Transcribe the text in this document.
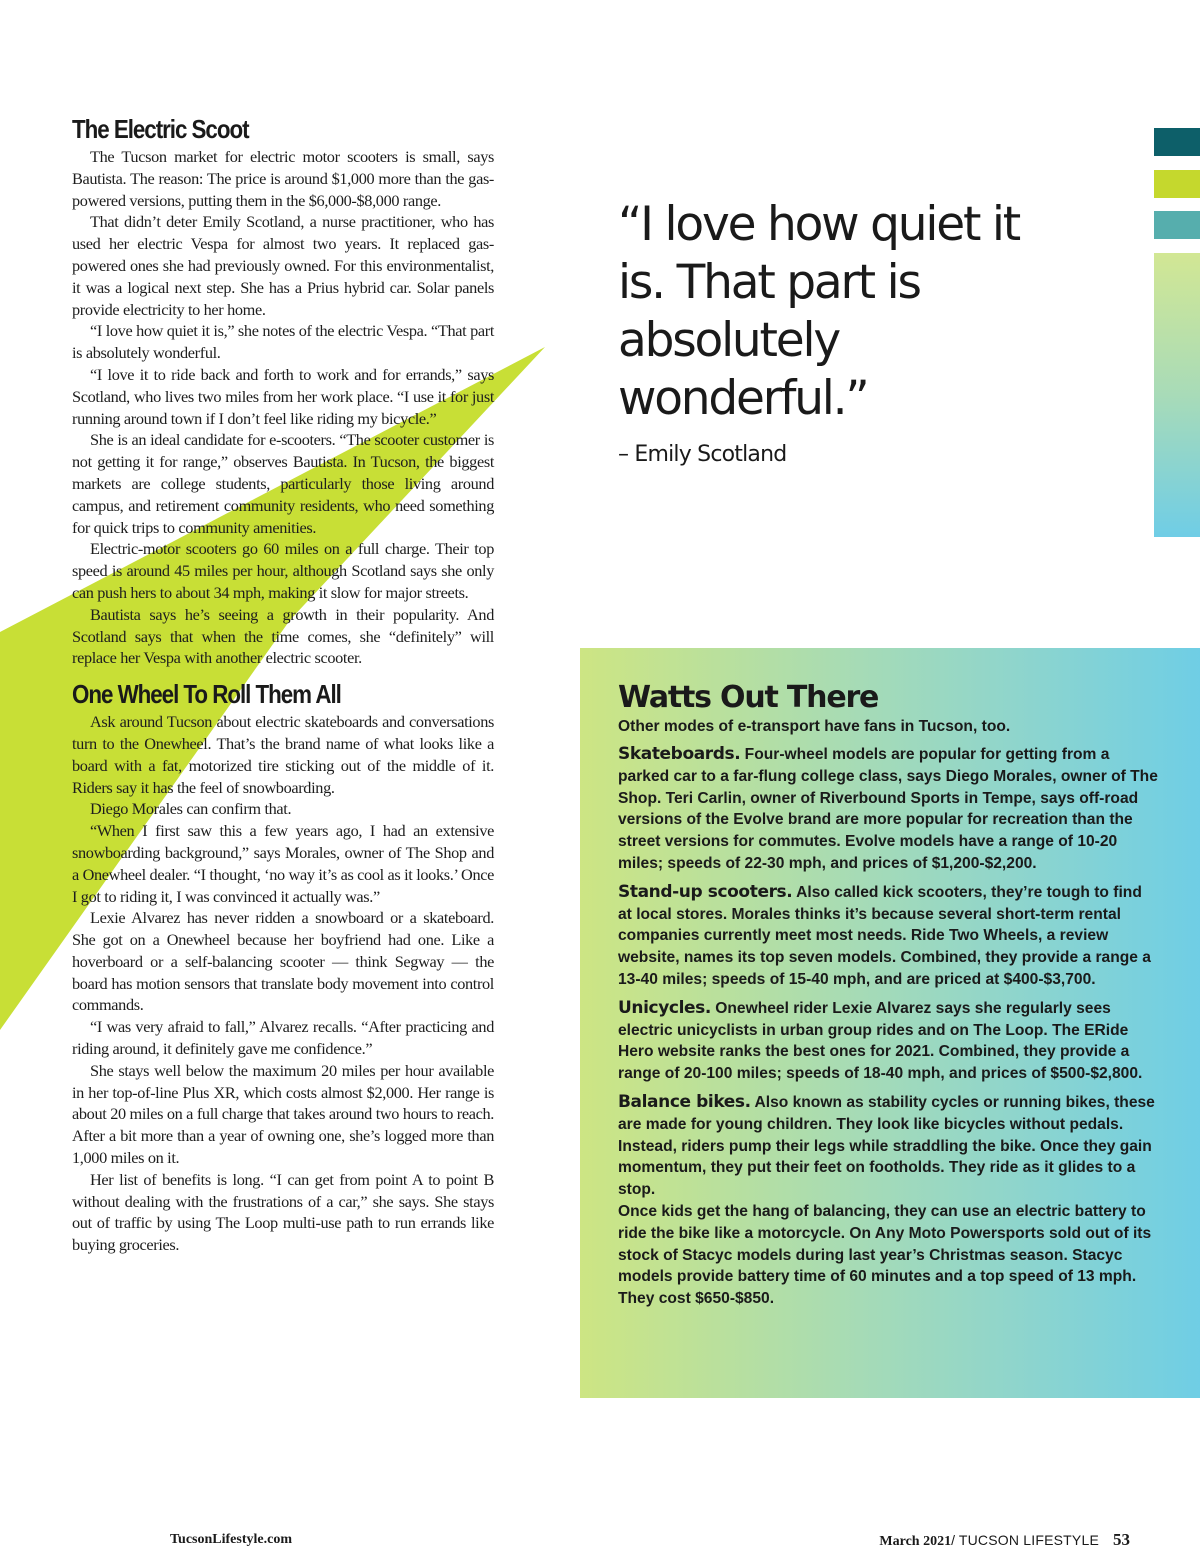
The Electric Scoot

The Tucson market for electric motor scooters is small, says Bautista. The reason: The price is around $1,000 more than the gas-powered versions, putting them in the $6,000-$8,000 range.

That didn’t deter Emily Scotland, a nurse practitioner, who has used her electric Vespa for almost two years. It replaced gas-powered ones she had previously owned. For this environmentalist, it was a logical next step. She has a Prius hybrid car. Solar panels provide electricity to her home.

“I love how quiet it is,” she notes of the electric Vespa. “That part is absolutely wonderful.

“I love it to ride back and forth to work and for errands,” says Scotland, who lives two miles from her work place. “I use it for just running around town if I don’t feel like riding my bicycle.”

She is an ideal candidate for e-scooters. “The scooter customer is not getting it for range,” observes Bautista. In Tucson, the biggest markets are college students, particularly those living around campus, and retirement community residents, who need something for quick trips to community amenities.

Electric-motor scooters go 60 miles on a full charge. Their top speed is around 45 miles per hour, although Scotland says she only can push hers to about 34 mph, making it slow for major streets.

Bautista says he’s seeing a growth in their popularity. And Scotland says that when the time comes, she “definitely” will replace her Vespa with another electric scooter.

One Wheel To Roll Them All

Ask around Tucson about electric skateboards and conversations turn to the Onewheel. That’s the brand name of what looks like a board with a fat, motorized tire sticking out of the middle of it. Riders say it has the feel of snowboarding.

Diego Morales can confirm that.

“When I first saw this a few years ago, I had an extensive snowboarding background,” says Morales, owner of The Shop and a Onewheel dealer. “I thought, ‘no way it’s as cool as it looks.’ Once I got to riding it, I was convinced it actually was.”

Lexie Alvarez has never ridden a snowboard or a skateboard. She got on a Onewheel because her boyfriend had one. Like a hoverboard or a self-balancing scooter — think Segway — the board has motion sensors that translate body movement into control commands.

“I was very afraid to fall,” Alvarez recalls. “After practicing and riding around, it definitely gave me confidence.”

She stays well below the maximum 20 miles per hour available in her top-of-line Plus XR, which costs almost $2,000. Her range is about 20 miles on a full charge that takes around two hours to reach. After a bit more than a year of owning one, she’s logged more than 1,000 miles on it.

Her list of benefits is long. “I can get from point A to point B without dealing with the frustrations of a car,” she says. She stays out of traffic by using The Loop multi-use path to run errands like buying groceries.

“I love how quiet it is. That part is absolutely wonderful.”
– Emily Scotland
Watts Out There
Other modes of e-transport have fans in Tucson, too.
Skateboards. Four-wheel models are popular for getting from a parked car to a far-flung college class, says Diego Morales, owner of The Shop. Teri Carlin, owner of Riverbound Sports in Tempe, says off-road versions of the Evolve brand are more popular for recreation than the street versions for commutes. Evolve models have a range of 10-20 miles; speeds of 22-30 mph, and prices of $1,200-$2,200.
Stand-up scooters. Also called kick scooters, they’re tough to find at local stores. Morales thinks it’s because several short-term rental companies currently meet most needs. Ride Two Wheels, a review website, names its top seven models. Combined, they provide a range a 13-40 miles; speeds of 15-40 mph, and are priced at $400-$3,700.
Unicycles. Onewheel rider Lexie Alvarez says she regularly sees electric unicyclists in urban group rides and on The Loop. The ERide Hero website ranks the best ones for 2021. Combined, they provide a range of 20-100 miles; speeds of 18-40 mph, and prices of $500-$2,800.
Balance bikes. Also known as stability cycles or running bikes, these are made for young children. They look like bicycles without pedals. Instead, riders pump their legs while straddling the bike. Once they gain momentum, they put their feet on footholds. They ride as it glides to a stop.
Once kids get the hang of balancing, they can use an electric battery to ride the bike like a motorcycle. On Any Moto Powersports sold out of its stock of Stacyc models during last year’s Christmas season. Stacyc models provide battery time of 60 minutes and a top speed of 13 mph. They cost $650-$850.
TucsonLifestyle.com	March 2021/ TUCSON LIFESTYLE 53
